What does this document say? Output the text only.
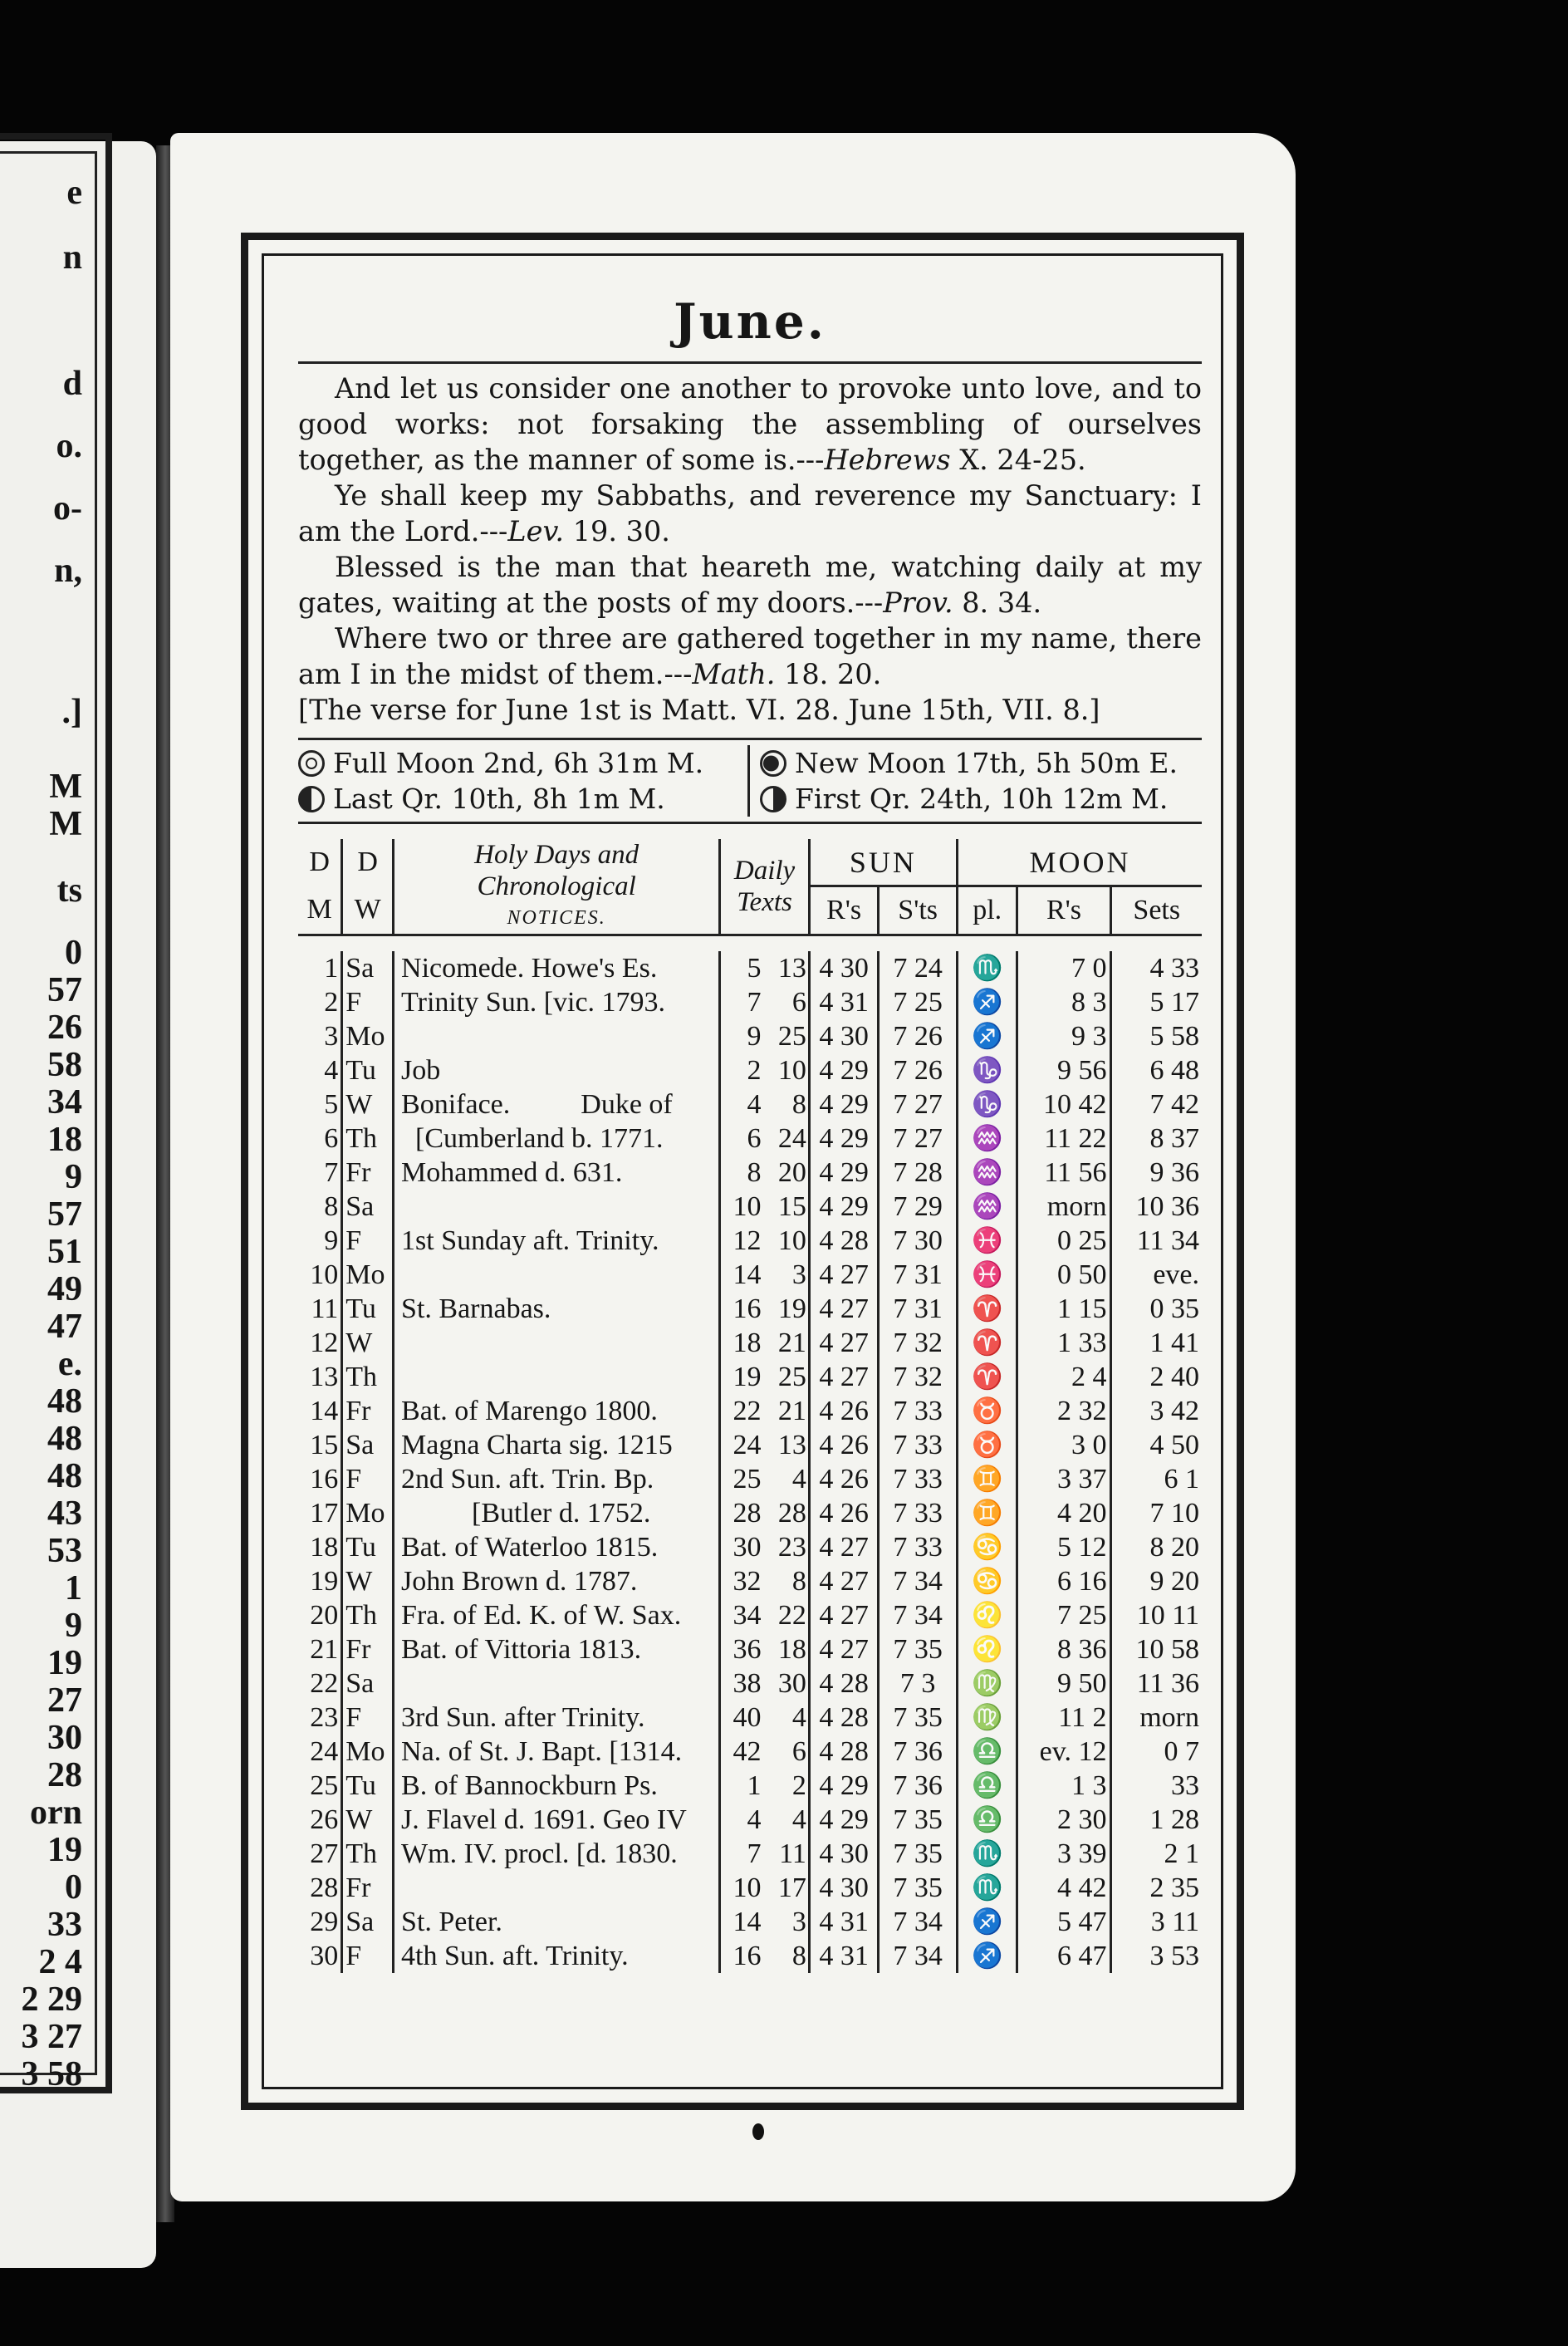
e
n
d
o.
o-
n,
.]
M
M
ts
0
57
26
58
34
18
9
57
51
49
47
e.
48
48
48
43
53
1
9
19
27
30
28
orn
19
0
33
2 4
2 29
3 27
3 58
June.

And let us consider one another to provoke unto love, and to good works: not forsaking the assembling of ourselves together, as the manner of some is.---Hebrews X. 24-25.

Ye shall keep my Sabbaths, and reverence my Sanctuary: I am the Lord.---Lev. 19. 30.

Blessed is the man that heareth me, watching daily at my gates, waiting at the posts of my doors.---Prov. 8. 34.

Where two or three are gathered together in my name, there am I in the midst of them.---Math. 18. 20.

[The verse for June 1st is Matt. VI. 28. June 15th, VII. 8.]

Full Moon 2nd, 6h 31m M.
Last Qr. 10th, 8h 1m M.
New Moon 17th, 5h 50m E.
First Qr. 24th, 10h 12m M.
D	D	Holy Days and
Chronological
NOTICES.	Daily Texts		SUN		MOON		
M	W				R's	S'ts	pl.	R's	Sets

1	Sa	Nicomede. Howe's Es.	5	13	4 30	7 24	♏	7 0	4 33
2	F	Trinity Sun. [vic. 1793.	7	6	4 31	7 25	♐	8 3	5 17
3	Mo		9	25	4 30	7 26	♐	9 3	5 58
4	Tu	Job	2	10	4 29	7 26	♑	9 56	6 48
5	W	Boniface.          Duke of	4	8	4 29	7 27	♑	10 42	7 42
6	Th	[Cumberland b. 1771.	6	24	4 29	7 27	♒	11 22	8 37
7	Fr	Mohammed d. 631.	8	20	4 29	7 28	♒	11 56	9 36
8	Sa		10	15	4 29	7 29	♒	morn	10 36
9	F	1st Sunday aft. Trinity.	12	10	4 28	7 30	♓	0 25	11 34
10	Mo		14	3	4 27	7 31	♓	0 50	eve.
11	Tu	St. Barnabas.	16	19	4 27	7 31	♈	1 15	0 35
12	W		18	21	4 27	7 32	♈	1 33	1 41
13	Th		19	25	4 27	7 32	♈	2 4	2 40
14	Fr	Bat. of Marengo 1800.	22	21	4 26	7 33	♉	2 32	3 42
15	Sa	Magna Charta sig. 1215	24	13	4 26	7 33	♉	3 0	4 50
16	F	2nd Sun. aft. Trin. Bp.	25	4	4 26	7 33	♊	3 37	6 1
17	Mo	[Butler d. 1752.	28	28	4 26	7 33	♊	4 20	7 10
18	Tu	Bat. of Waterloo 1815.	30	23	4 27	7 33	♋	5 12	8 20
19	W	John Brown d. 1787.	32	8	4 27	7 34	♋	6 16	9 20
20	Th	Fra. of Ed. K. of W. Sax.	34	22	4 27	7 34	♌	7 25	10 11
21	Fr	Bat. of Vittoria 1813.	36	18	4 27	7 35	♌	8 36	10 58
22	Sa		38	30	4 28	7 3	♍	9 50	11 36
23	F	3rd Sun. after Trinity.	40	4	4 28	7 35	♍	11 2	morn
24	Mo	Na. of St. J. Bapt. [1314.	42	6	4 28	7 36	♎	ev. 12	0 7
25	Tu	B. of Bannockburn Ps.	1	2	4 29	7 36	♎	1 3	33
26	W	J. Flavel d. 1691. Geo IV	4	4	4 29	7 35	♎	2 30	1 28
27	Th	Wm. IV. procl. [d. 1830.	7	11	4 30	7 35	♏	3 39	2 1
28	Fr		10	17	4 30	7 35	♏	4 42	2 35
29	Sa	St. Peter.	14	3	4 31	7 34	♐	5 47	3 11
30	F	4th Sun. aft. Trinity.	16	8	4 31	7 34	♐	6 47	3 53
